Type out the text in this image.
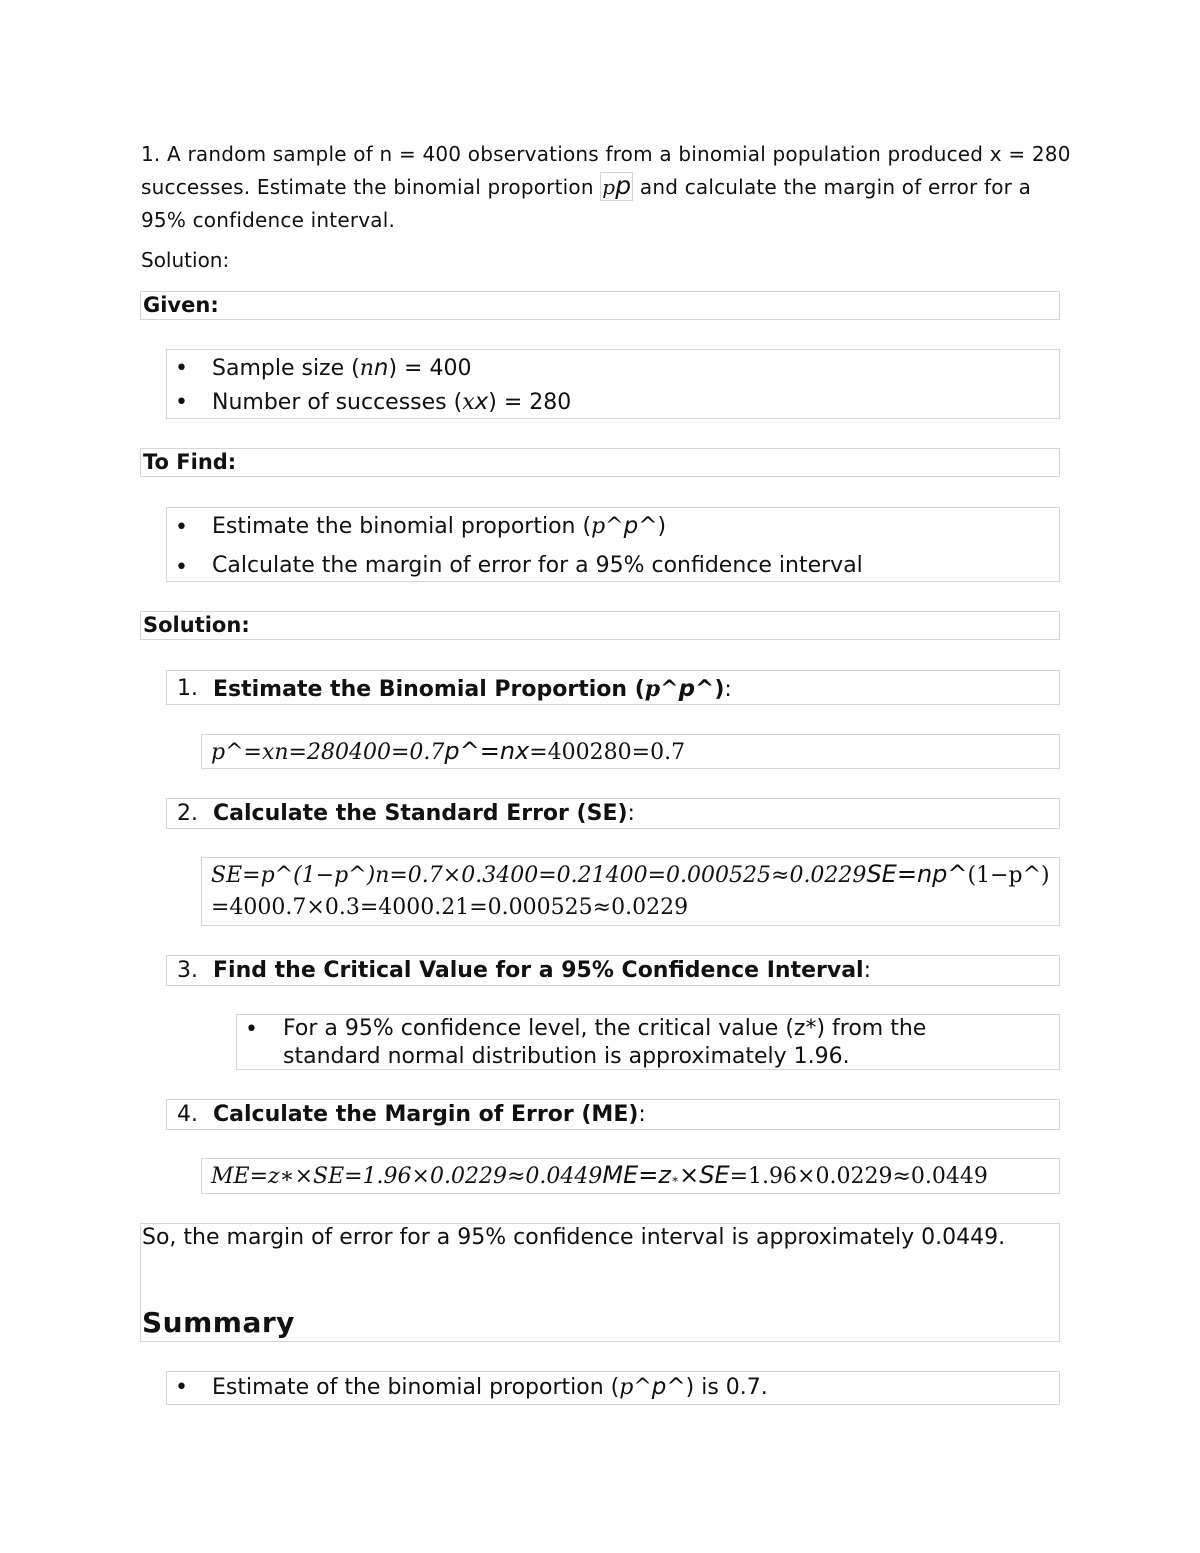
1. A random sample of n = 400 observations from a binomial population produced x = 280 successes. Estimate the binomial proportion pp and calculate the margin of error for a 95% confidence interval.
Solution:
Given:
• Sample size (nn) = 400
• Number of successes (xx) = 280
To Find:
• Estimate the binomial proportion (p^p^)
• Calculate the margin of error for a 95% confidence interval
Solution:
1. Estimate the Binomial Proportion (p^p^):
p^=xn=280400=0.7p^=nx=400280=0.7
2. Calculate the Standard Error (SE):
SE=p^(1−p^)n=0.7×0.3400=0.21400=0.000525≈0.0229SE=np^(1−p^)
=4000.7×0.3=4000.21=0.000525≈0.0229
3. Find the Critical Value for a 95% Confidence Interval:
• For a 95% confidence level, the critical value (z*) from the standard normal distribution is approximately 1.96.
4. Calculate the Margin of Error (ME):
ME=z∗×SE=1.96×0.0229≈0.0449ME=z∗×SE=1.96×0.0229≈0.0449
So, the margin of error for a 95% confidence interval is approximately 0.0449.
Summary
• Estimate of the binomial proportion (p^p^) is 0.7.
